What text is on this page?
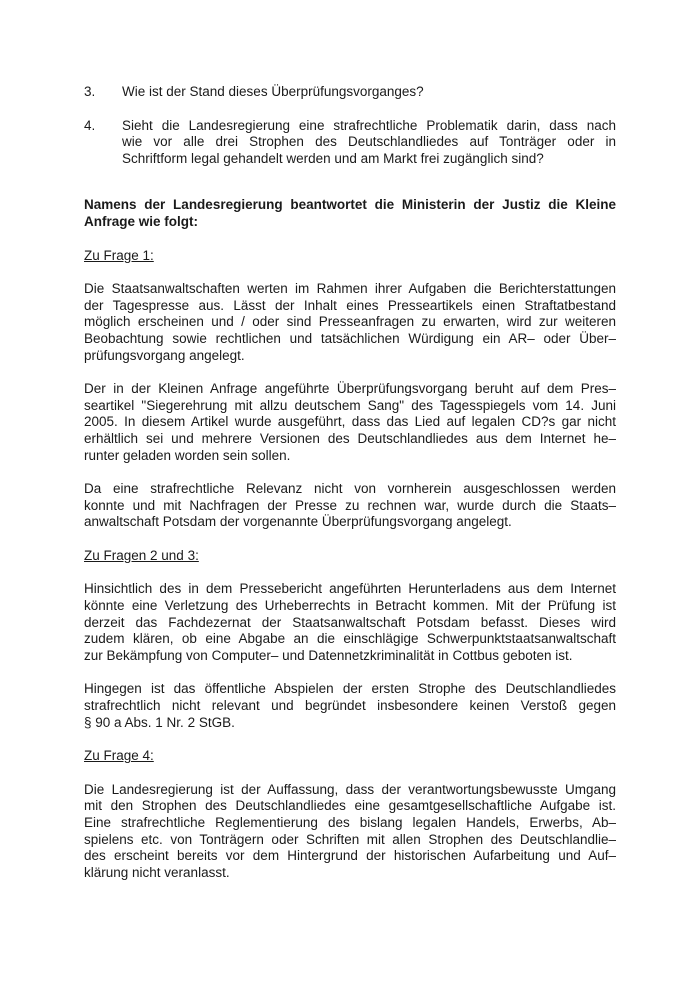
3.	Wie ist der Stand dieses Überprüfungsvorganges?
4.	Sieht die Landesregierung eine strafrechtliche Problematik darin, dass nach
wie vor alle drei Strophen des Deutschlandliedes auf Tonträger oder in
Schriftform legal gehandelt werden und am Markt frei zugänglich sind?
Namens der Landesregierung beantwortet die Ministerin der Justiz die Kleine
Anfrage wie folgt:
Zu Frage 1:
Die Staatsanwaltschaften werten im Rahmen ihrer Aufgaben die Berichterstattungen
der Tagespresse aus. Lässt der Inhalt eines Presseartikels einen Straftatbestand
möglich erscheinen und / oder sind Presseanfragen zu erwarten, wird zur weiteren
Beobachtung sowie rechtlichen und tatsächlichen Würdigung ein AR– oder Über–
prüfungsvorgang angelegt.
Der in der Kleinen Anfrage angeführte Überprüfungsvorgang beruht auf dem Pres–
seartikel "Siegerehrung mit allzu deutschem Sang" des Tagesspiegels vom 14. Juni
2005. In diesem Artikel wurde ausgeführt, dass das Lied auf legalen CD?s gar nicht
erhältlich sei und mehrere Versionen des Deutschlandliedes aus dem Internet he–
runter geladen worden sein sollen.
Da eine strafrechtliche Relevanz nicht von vornherein ausgeschlossen werden
konnte und mit Nachfragen der Presse zu rechnen war, wurde durch die Staats–
anwaltschaft Potsdam der vorgenannte Überprüfungsvorgang angelegt.
Zu Fragen 2 und 3:
Hinsichtlich des in dem Pressebericht angeführten Herunterladens aus dem Internet
könnte eine Verletzung des Urheberrechts in Betracht kommen. Mit der Prüfung ist
derzeit das Fachdezernat der Staatsanwaltschaft Potsdam befasst. Dieses wird
zudem klären, ob eine Abgabe an die einschlägige Schwerpunktstaatsanwaltschaft
zur Bekämpfung von Computer– und Datennetzkriminalität in Cottbus geboten ist.
Hingegen ist das öffentliche Abspielen der ersten Strophe des Deutschlandliedes
strafrechtlich nicht relevant und begründet insbesondere keinen Verstoß gegen
§ 90 a Abs. 1 Nr. 2 StGB.
Zu Frage 4:
Die Landesregierung ist der Auffassung, dass der verantwortungsbewusste Umgang
mit den Strophen des Deutschlandliedes eine gesamtgesellschaftliche Aufgabe ist.
Eine strafrechtliche Reglementierung des bislang legalen Handels, Erwerbs, Ab–
spielens etc. von Tonträgern oder Schriften mit allen Strophen des Deutschlandlie–
des erscheint bereits vor dem Hintergrund der historischen Aufarbeitung und Auf–
klärung nicht veranlasst.
